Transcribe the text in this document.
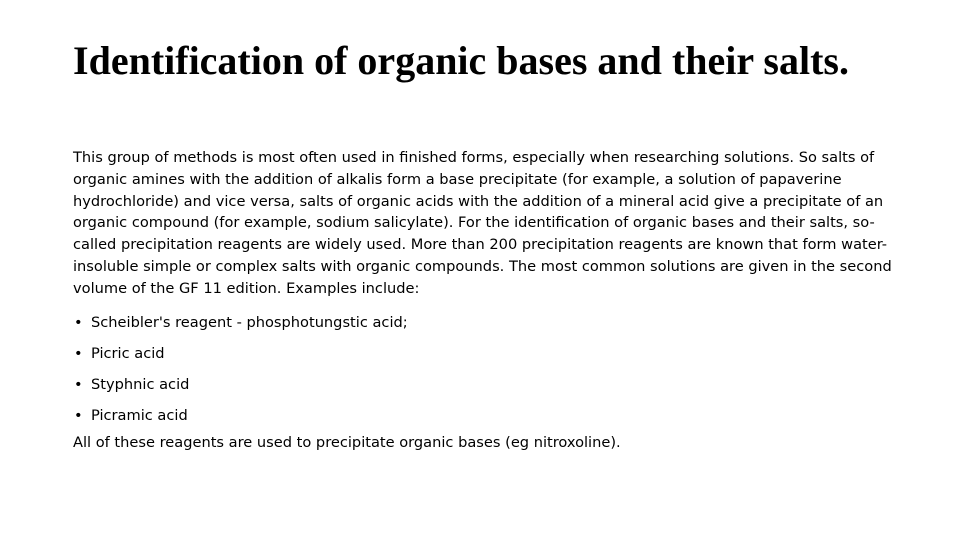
Identification of organic bases and their salts.

This group of methods is most often used in finished forms, especially when researching solutions. So salts of organic amines with the addition of alkalis form a base precipitate (for example, a solution of papaverine hydrochloride) and vice versa, salts of organic acids with the addition of a mineral acid give a precipitate of an organic compound (for example, sodium salicylate). For the identification of organic bases and their salts, so-called precipitation reagents are widely used. More than 200 precipitation reagents are known that form water-insoluble simple or complex salts with organic compounds. The most common solutions are given in the second volume of the GF 11 edition. Examples include:

• Scheibler's reagent - phosphotungstic acid;
• Picric acid
• Styphnic acid
• Picramic acid

All of these reagents are used to precipitate organic bases (eg nitroxoline).
